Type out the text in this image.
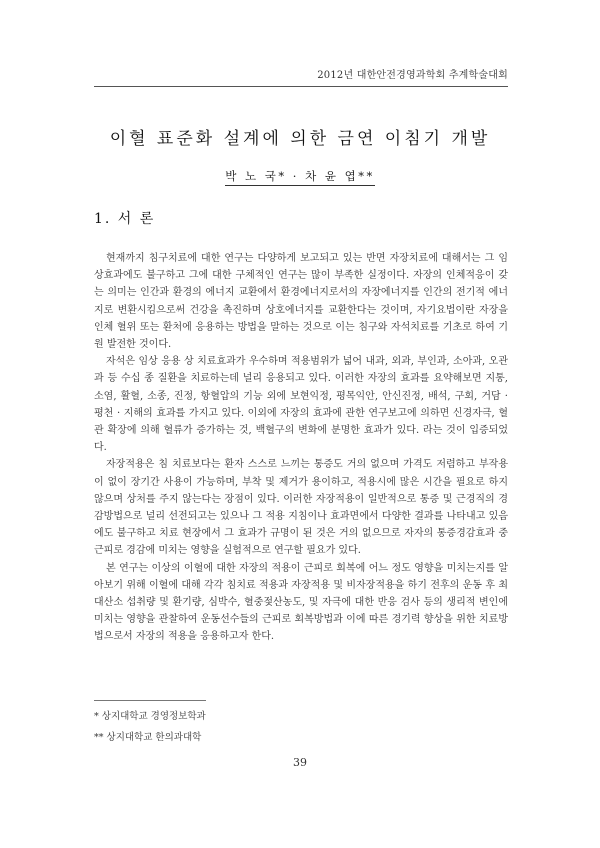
2012년 대한안전경영과학회 추계학술대회
이혈 표준화 설계에 의한 금연 이침기 개발
박 노 국* · 차 윤 엽**
1. 서 론

현재까지 침구치료에 대한 연구는 다양하게 보고되고 있는 반면 자장치료에 대해서는 그 임상효과에도 불구하고 그에 대한 구체적인 연구는 많이 부족한 실정이다. 자장의 인체적응이 갖는 의미는 인간과 환경의 에너지 교환에서 환경에너지로서의 자장에너지를 인간의 전기적 에너지로 변환시킴으로써 건강을 촉진하며 상호에너지를 교환한다는 것이며, 자기요법이란 자장을 인체 혈위 또는 환처에 응용하는 방법을 말하는 것으로 이는 침구와 자석치료를 기초로 하여 기원 발전한 것이다.

자석은 임상 응용 상 치료효과가 우수하며 적용범위가 넓어 내과, 외과, 부인과, 소아과, 오관과 등 수십 종 질환을 치료하는데 널리 응용되고 있다. 이러한 자장의 효과를 요약해보면 지통, 소염, 활혈, 소종, 진정, 항혈압의 기능 외에 보현익정, 평목익안, 안신진정, 배석, 구회, 거담 · 평천 · 지해의 효과를 가지고 있다. 이외에 자장의 효과에 관한 연구보고에 의하면 신경자극, 혈관 확장에 의해 혈류가 증가하는 것, 백혈구의 변화에 분명한 효과가 있다. 라는 것이 입증되었다.

자장적용은 침 치료보다는 환자 스스로 느끼는 통증도 거의 없으며 가격도 저렴하고 부작용이 없이 장기간 사용이 가능하며, 부착 및 제거가 용이하고, 적용시에 많은 시간을 필요로 하지 않으며 상처를 주지 않는다는 장점이 있다. 이러한 자장적용이 일반적으로 통증 및 근경직의 경감방법으로 널리 선전되고는 있으나 그 적용 지침이나 효과면에서 다양한 결과를 나타내고 있음에도 불구하고 치료 현장에서 그 효과가 규명이 된 것은 거의 없으므로 자자의 통증경감효과 중근피로 경감에 미치는 영향을 실험적으로 연구할 필요가 있다.

본 연구는 이상의 이혈에 대한 자장의 적용이 근피로 회복에 어느 정도 영향을 미치는지를 알아보기 위해 이혈에 대해 각각 침치료 적용과 자장적용 및 비자장적용을 하기 전후의 운동 후 최대산소 섭취량 및 환기량, 심박수, 혈중젖산농도, 및 자극에 대한 반응 검사 등의 생리적 변인에 미치는 영향을 관찰하여 운동선수들의 근피로 회복방법과 이에 따른 경기력 향상을 위한 치료방법으로서 자장의 적용을 응용하고자 한다.

* 상지대학교 경영정보학과
** 상지대학교 한의과대학
39
